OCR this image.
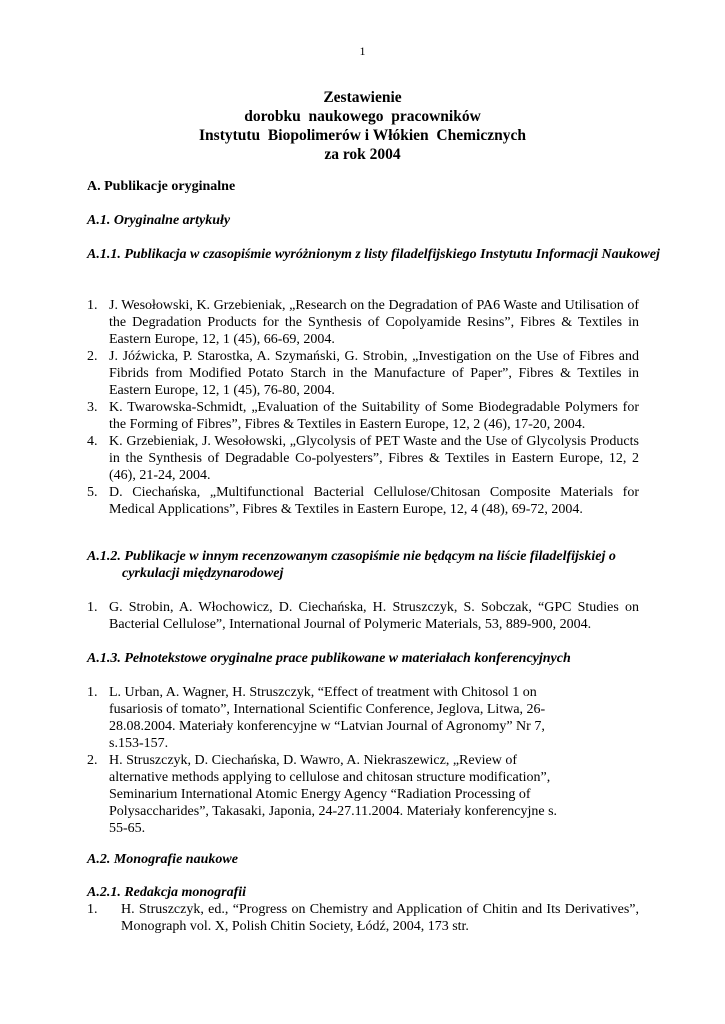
1
Zestawienie
dorobku  naukowego  pracowników
Instytutu  Biopolimerów i Włókien  Chemicznych
za rok 2004
A. Publikacje oryginalne
A.1. Oryginalne artykuły
A.1.1. Publikacja w czasopiśmie wyróżnionym z listy filadelfijskiego Instytutu Informacji Naukowej
1. J. Wesołowski, K. Grzebieniak, „Research on the Degradation of PA6 Waste and Utilisation of the Degradation Products for the Synthesis of Copolyamide Resins”, Fibres & Textiles in Eastern Europe, 12, 1 (45), 66-69, 2004.
2. J. Jóźwicka, P. Starostka, A. Szymański, G. Strobin, „Investigation on the Use of Fibres and Fibrids from Modified Potato Starch in the Manufacture of Paper”, Fibres & Textiles in Eastern Europe, 12, 1 (45), 76-80, 2004.
3. K. Twarowska-Schmidt, „Evaluation of the Suitability of Some Biodegradable Polymers for the Forming of Fibres”, Fibres & Textiles in Eastern Europe, 12, 2 (46), 17-20, 2004.
4. K. Grzebieniak, J. Wesołowski, „Glycolysis of PET Waste and the Use of Glycolysis Products in the Synthesis of Degradable Co-polyesters”, Fibres & Textiles in Eastern Europe, 12, 2 (46), 21-24, 2004.
5. D. Ciechańska, „Multifunctional Bacterial Cellulose/Chitosan Composite Materials for Medical Applications”, Fibres & Textiles in Eastern Europe, 12, 4 (48), 69-72, 2004.
A.1.2. Publikacje w innym recenzowanym czasopiśmie nie będącym na liście filadelfijskiej o cyrkulacji międzynarodowej
1. G. Strobin, A. Włochowicz, D. Ciechańska, H. Struszczyk, S. Sobczak, “GPC Studies on Bacterial Cellulose”, International Journal of Polymeric Materials, 53, 889-900, 2004.
A.1.3. Pełnotekstowe oryginalne prace publikowane w materiałach konferencyjnych
1. L. Urban, A. Wagner, H. Struszczyk, “Effect of treatment with Chitosol 1 on fusariosis of tomato”, International Scientific Conference, Jeglova, Litwa, 26-28.08.2004. Materiały konferencyjne w “Latvian Journal of Agronomy” Nr 7, s.153-157.
2. H. Struszczyk, D. Ciechańska, D. Wawro, A. Niekraszewicz, „Review of alternative methods applying to cellulose and chitosan structure modification”, Seminarium International Atomic Energy Agency “Radiation Processing of Polysaccharides”, Takasaki, Japonia, 24-27.11.2004. Materiały konferencyjne s. 55-65.
A.2. Monografie naukowe
A.2.1. Redakcja monografii
1. H. Struszczyk, ed., “Progress on Chemistry and Application of Chitin and Its Derivatives”, Monograph vol. X, Polish Chitin Society, Łódź, 2004, 173 str.
